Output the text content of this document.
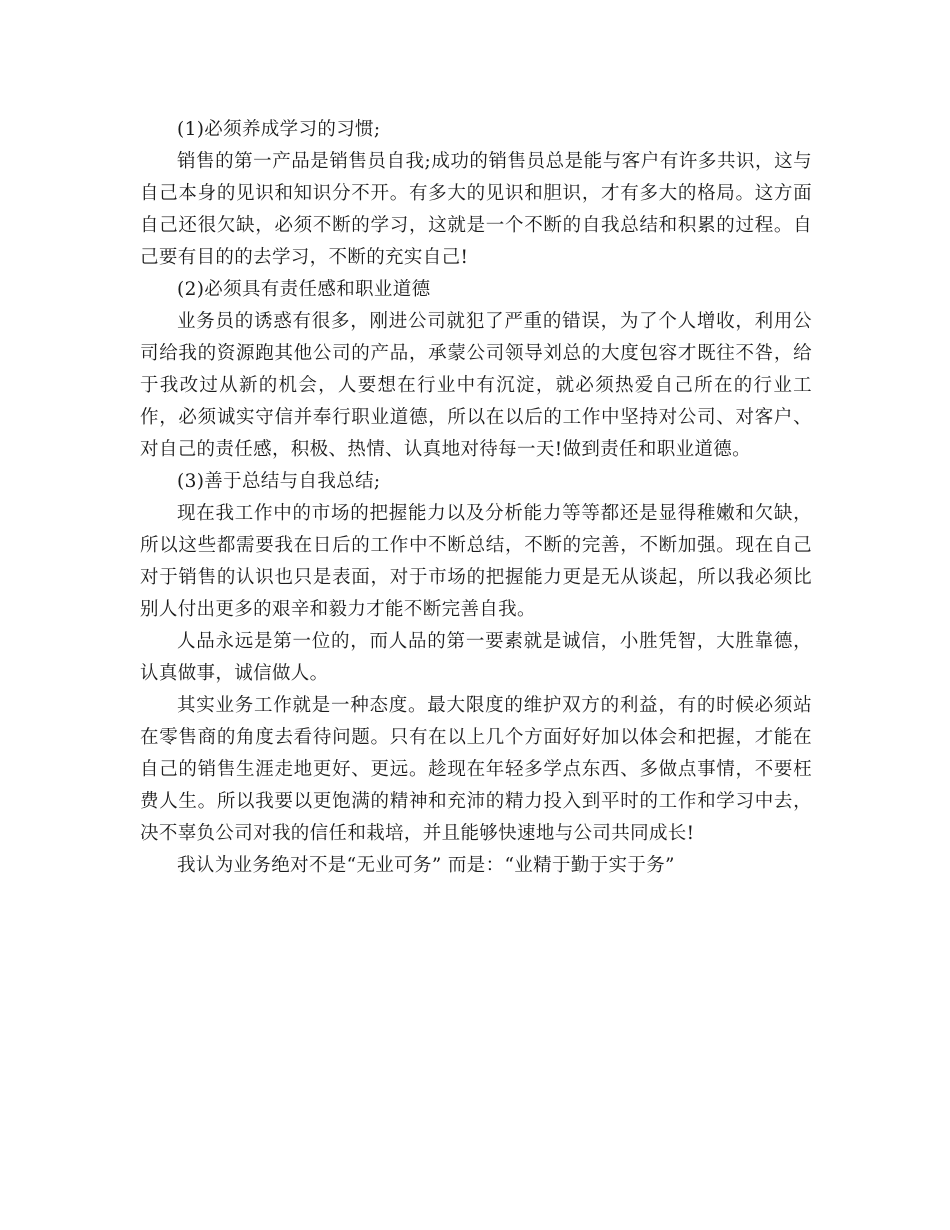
(1)必须养成学习的习惯;

销售的第一产品是销售员自我;成功的销售员总是能与客户有许多共识，这与自己本身的见识和知识分不开。有多大的见识和胆识，才有多大的格局。这方面自己还很欠缺，必须不断的学习，这就是一个不断的自我总结和积累的过程。自己要有目的的去学习，不断的充实自己!

(2)必须具有责任感和职业道德

业务员的诱惑有很多，刚进公司就犯了严重的错误，为了个人增收，利用公司给我的资源跑其他公司的产品，承蒙公司领导刘总的大度包容才既往不咎，给于我改过从新的机会，人要想在行业中有沉淀，就必须热爱自己所在的行业工作，必须诚实守信并奉行职业道德，所以在以后的工作中坚持对公司、对客户、对自己的责任感，积极、热情、认真地对待每一天!做到责任和职业道德。

(3)善于总结与自我总结;

现在我工作中的市场的把握能力以及分析能力等等都还是显得稚嫩和欠缺，所以这些都需要我在日后的工作中不断总结，不断的完善，不断加强。现在自己对于销售的认识也只是表面，对于市场的把握能力更是无从谈起，所以我必须比别人付出更多的艰辛和毅力才能不断完善自我。

人品永远是第一位的，而人品的第一要素就是诚信，小胜凭智，大胜靠德，认真做事，诚信做人。

其实业务工作就是一种态度。最大限度的维护双方的利益，有的时候必须站在零售商的角度去看待问题。只有在以上几个方面好好加以体会和把握，才能在自己的销售生涯走地更好、更远。趁现在年轻多学点东西、多做点事情，不要枉费人生。所以我要以更饱满的精神和充沛的精力投入到平时的工作和学习中去，决不辜负公司对我的信任和栽培，并且能够快速地与公司共同成长!

我认为业务绝对不是“无业可务” 而是：“业精于勤于实于务”
